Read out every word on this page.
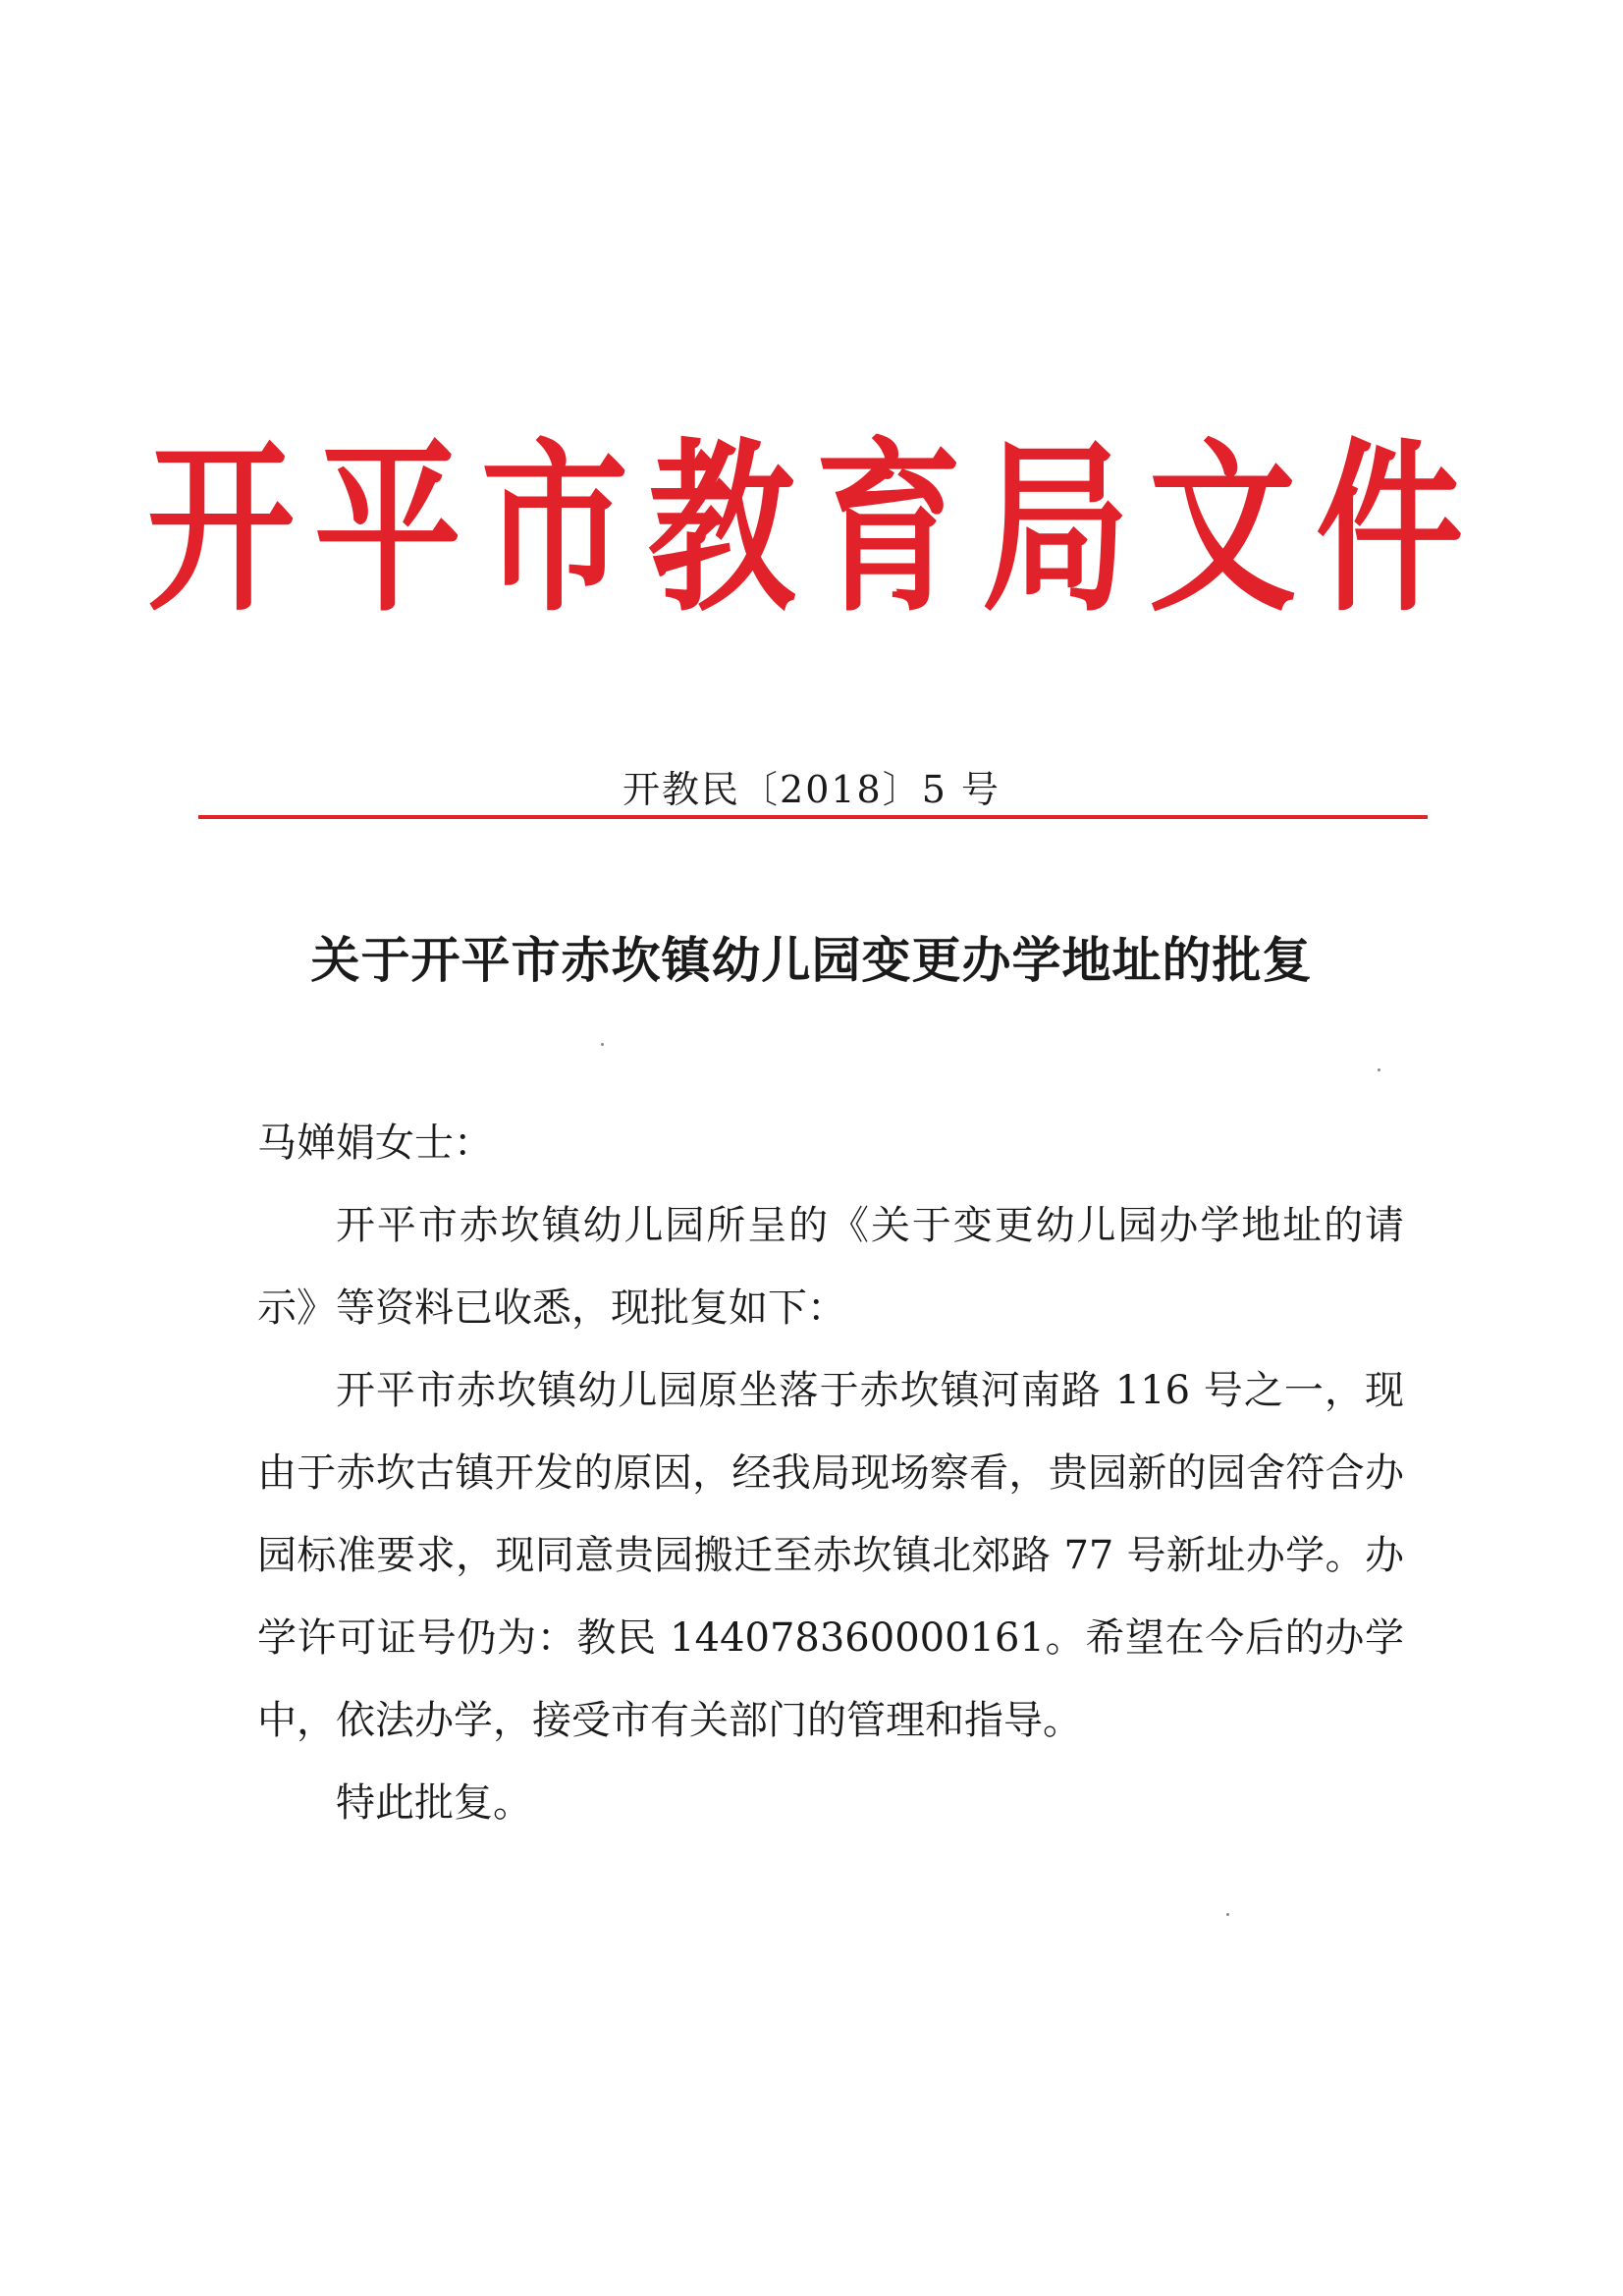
开 平 市 教 育 局 文 件
开教民〔2018〕5 号
关于开平市赤坎镇幼儿园变更办学地址的批复

马婵娟女士：

开平市赤坎镇幼儿园所呈的《关于变更幼儿园办学地址的请示》等资料已收悉，现批复如下：

开平市赤坎镇幼儿园原坐落于赤坎镇河南路 116 号之一，现由于赤坎古镇开发的原因，经我局现场察看，贵园新的园舍符合办园标准要求，现同意贵园搬迁至赤坎镇北郊路 77 号新址办学。办学许可证号仍为：教民 144078360000161。希望在今后的办学中，依法办学，接受市有关部门的管理和指导。

特此批复。
